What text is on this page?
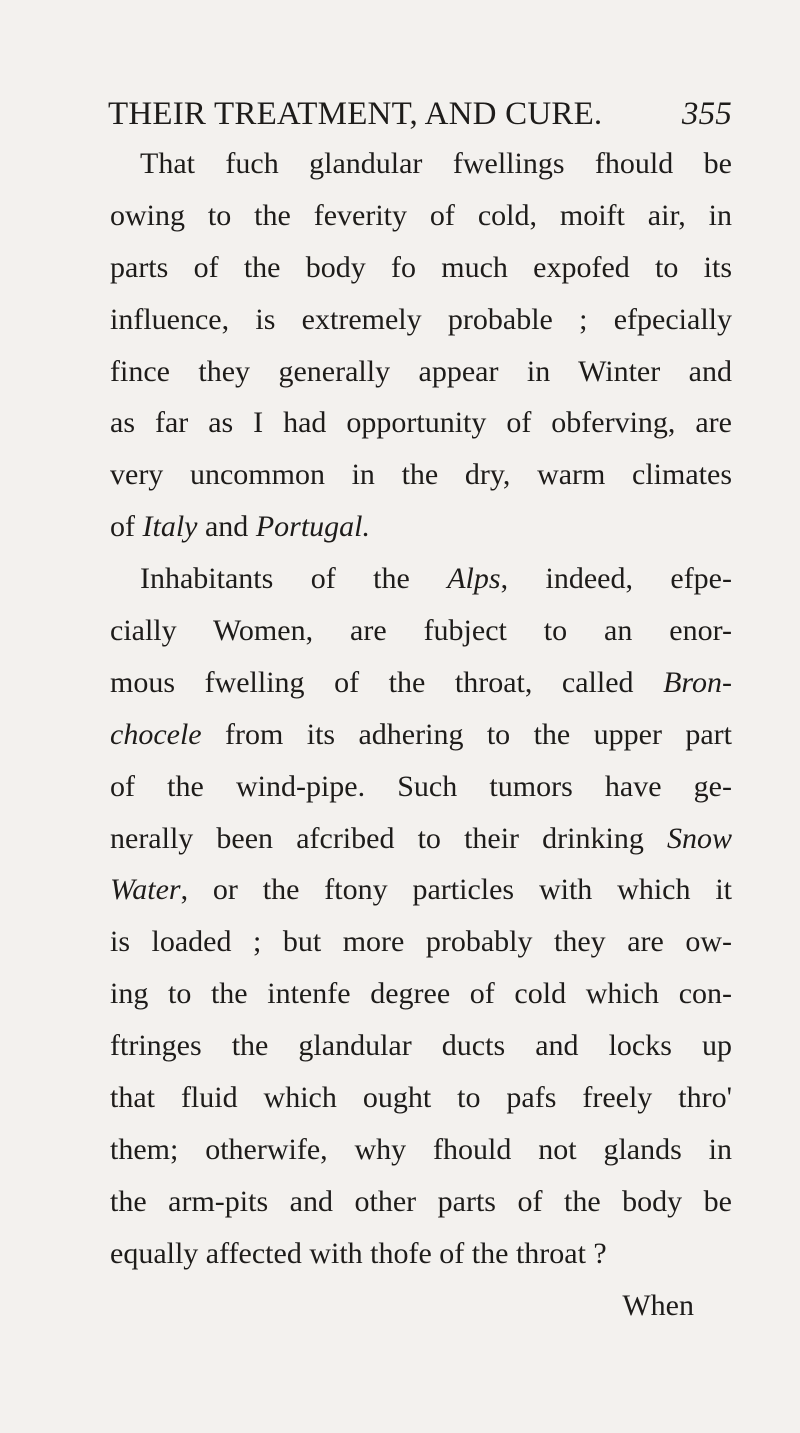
THEIR TREATMENT, AND CURE. 355
That fuch glandular fwellings fhould be
owing to the feverity of cold, moift air, in
parts of the body fo much expofed to its
influence, is extremely probable ; efpecially
fince they generally appear in Winter and
as far as I had opportunity of obferving, are
very uncommon in the dry, warm climates
of Italy and Portugal.
Inhabitants of the Alps, indeed, efpe-
cially Women, are fubject to an enor-
mous fwelling of the throat, called Bron-
chocele from its adhering to the upper part
of the wind-pipe. Such tumors have ge-
nerally been afcribed to their drinking Snow
Water, or the ftony particles with which it
is loaded ; but more probably they are ow-
ing to the intenfe degree of cold which con-
ftringes the glandular ducts and locks up
that fluid which ought to pafs freely thro'
them; otherwife, why fhould not glands in
the arm-pits and other parts of the body be
equally affected with thofe of the throat ?
When
